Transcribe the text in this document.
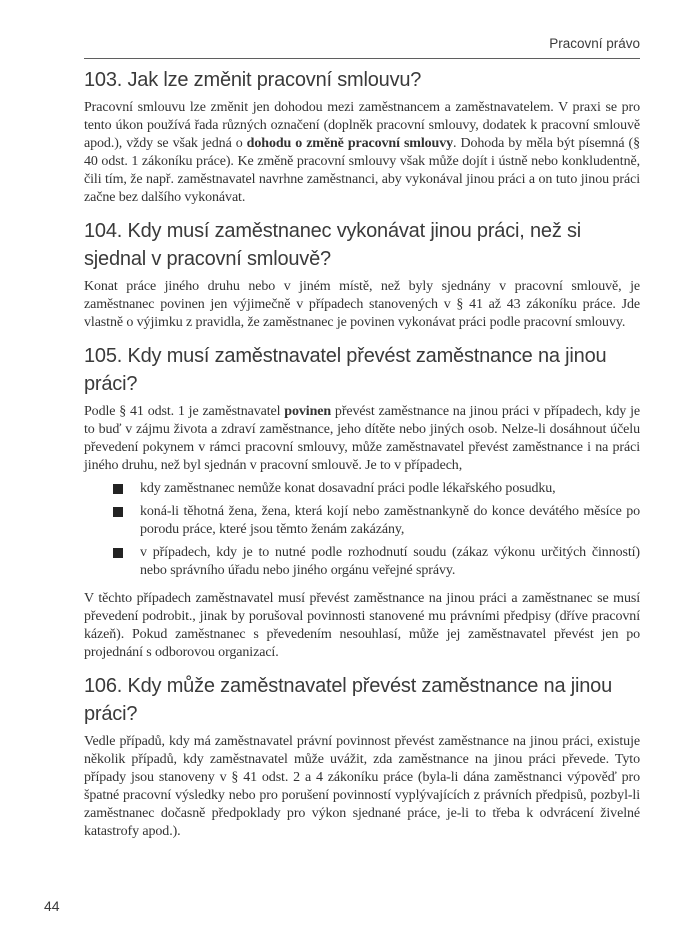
Pracovní právo
103. Jak lze změnit pracovní smlouvu?

Pracovní smlouvu lze změnit jen dohodou mezi zaměstnancem a zaměstnavatelem. V praxi se pro tento úkon používá řada různých označení (doplněk pracovní smlouvy, dodatek k pracovní smlouvě apod.), vždy se však jedná o dohodu o změně pracovní smlouvy. Dohoda by měla být písemná (§ 40 odst. 1 zákoníku práce). Ke změně pracovní smlouvy však může dojít i ústně nebo konkludentně, čili tím, že např. zaměstnavatel navrhne zaměstnanci, aby vykonával jinou práci a on tuto jinou práci začne bez dalšího vykonávat.

104. Kdy musí zaměstnanec vykonávat jinou práci, než si sjednal v pracovní smlouvě?

Konat práce jiného druhu nebo v jiném místě, než byly sjednány v pracovní smlouvě, je zaměstnanec povinen jen výjimečně v případech stanovených v § 41 až 43 zákoníku práce. Jde vlastně o výjimku z pravidla, že zaměstnanec je povinen vykonávat práci podle pracovní smlouvy.

105. Kdy musí zaměstnavatel převést zaměstnance na jinou práci?

Podle § 41 odst. 1 je zaměstnavatel povinen převést zaměstnance na jinou práci v případech, kdy je to buď v zájmu života a zdraví zaměstnance, jeho dítěte nebo jiných osob. Nelze-li dosáhnout účelu převedení pokynem v rámci pracovní smlouvy, může zaměstnavatel převést zaměstnance i na práci jiného druhu, než byl sjednán v pracovní smlouvě. Je to v případech,

kdy zaměstnanec nemůže konat dosavadní práci podle lékařského posudku,
koná-li těhotná žena, žena, která kojí nebo zaměstnankyně do konce devátého měsíce po porodu práce, které jsou těmto ženám zakázány,
v případech, kdy je to nutné podle rozhodnutí soudu (zákaz výkonu určitých činností) nebo správního úřadu nebo jiného orgánu veřejné správy.

V těchto případech zaměstnavatel musí převést zaměstnance na jinou práci a zaměstnanec se musí převedení podrobit., jinak by porušoval povinnosti stanovené mu právními předpisy (dříve pracovní kázeň). Pokud zaměstnanec s převedením nesouhlasí, může jej zaměstnavatel převést jen po projednání s odborovou organizací.

106. Kdy může zaměstnavatel převést zaměstnance na jinou práci?

Vedle případů, kdy má zaměstnavatel právní povinnost převést zaměstnance na jinou práci, existuje několik případů, kdy zaměstnavatel může uvážit, zda zaměstnance na jinou práci převede. Tyto případy jsou stanoveny v § 41 odst. 2 a 4 zákoníku práce (byla-li dána zaměstnanci výpověď pro špatné pracovní výsledky nebo pro porušení povinností vyplývajících z právních předpisů, pozbyl-li zaměstnanec dočasně předpoklady pro výkon sjednané práce, je-li to třeba k odvrácení živelné katastrofy apod.).

44
